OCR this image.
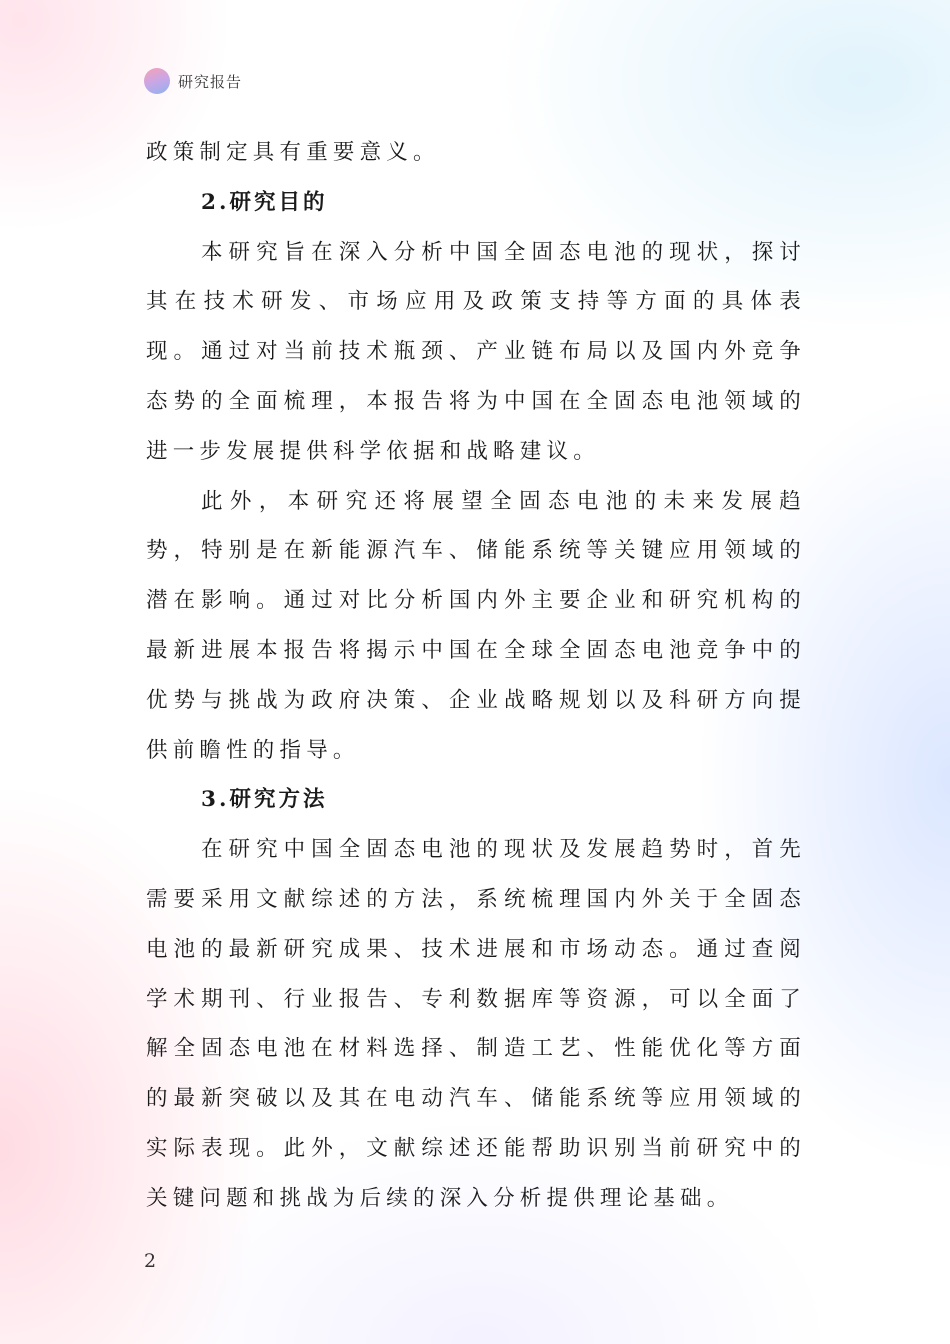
研究报告

政策制定具有重要意义。

2.研究目的

本研究旨在深入分析中国全固态电池的现状，探讨其在技术研发、市场应用及政策支持等方面的具体表现。通过对当前技术瓶颈、产业链布局以及国内外竞争态势的全面梳理，本报告将为中国在全固态电池领域的进一步发展提供科学依据和战略建议。

此外，本研究还将展望全固态电池的未来发展趋势，特别是在新能源汽车、储能系统等关键应用领域的潜在影响。通过对比分析国内外主要企业和研究机构的最新进展本报告将揭示中国在全球全固态电池竞争中的优势与挑战为政府决策、企业战略规划以及科研方向提供前瞻性的指导。

3.研究方法

在研究中国全固态电池的现状及发展趋势时，首先需要采用文献综述的方法，系统梳理国内外关于全固态电池的最新研究成果、技术进展和市场动态。通过查阅学术期刊、行业报告、专利数据库等资源，可以全面了解全固态电池在材料选择、制造工艺、性能优化等方面的最新突破以及其在电动汽车、储能系统等应用领域的实际表现。此外，文献综述还能帮助识别当前研究中的关键问题和挑战为后续的深入分析提供理论基础。

2
